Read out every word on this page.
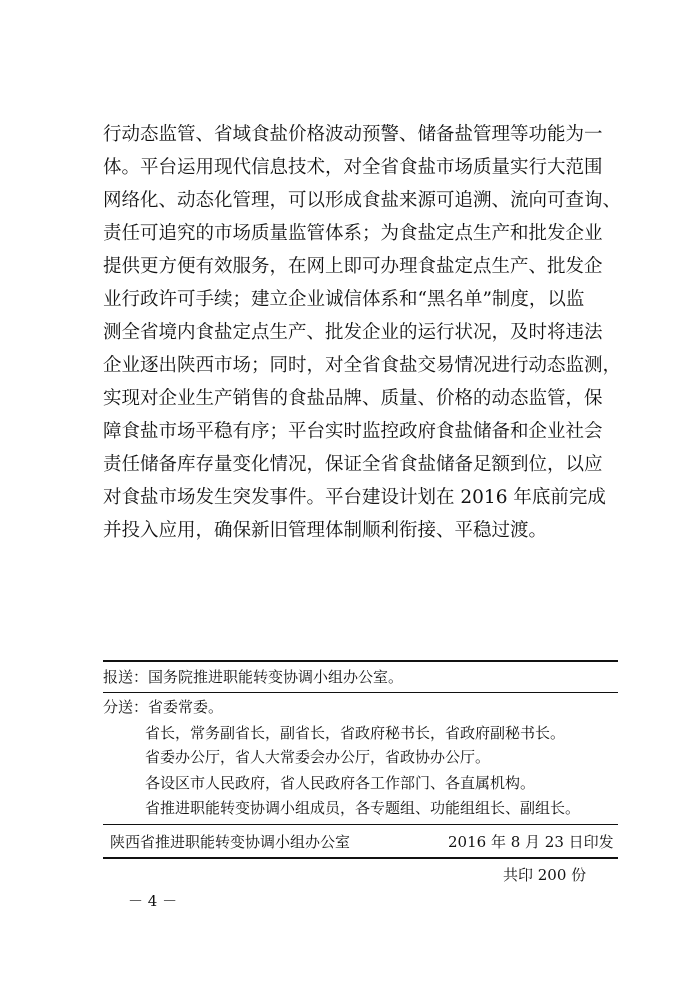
行动态监管、省域食盐价格波动预警、储备盐管理等功能为一

体。平台运用现代信息技术，对全省食盐市场质量实行大范围

网络化、动态化管理，可以形成食盐来源可追溯、流向可查询、

责任可追究的市场质量监管体系；为食盐定点生产和批发企业

提供更方便有效服务，在网上即可办理食盐定点生产、批发企

业行政许可手续；建立企业诚信体系和“黑名单”制度，以监

测全省境内食盐定点生产、批发企业的运行状况，及时将违法

企业逐出陕西市场；同时，对全省食盐交易情况进行动态监测，

实现对企业生产销售的食盐品牌、质量、价格的动态监管，保

障食盐市场平稳有序；平台实时监控政府食盐储备和企业社会

责任储备库存量变化情况，保证全省食盐储备足额到位，以应

对食盐市场发生突发事件。平台建设计划在 2016 年底前完成

并投入应用，确保新旧管理体制顺利衔接、平稳过渡。

报送：国务院推进职能转变协调小组办公室。
分送：省委常委。
省长，常务副省长，副省长，省政府秘书长，省政府副秘书长。
省委办公厅，省人大常委会办公厅，省政协办公厅。
各设区市人民政府，省人民政府各工作部门、各直属机构。
省推进职能转变协调小组成员，各专题组、功能组组长、副组长。
陕西省推进职能转变协调小组办公室	2016 年 8 月 23 日印发
共印 200 份
－ 4 －
